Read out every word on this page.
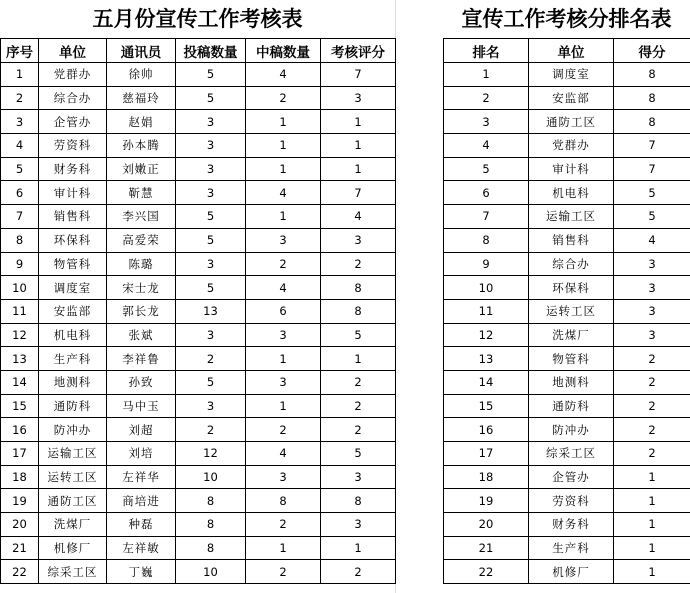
五月份宣传工作考核表	宣传工作考核分排名表
序号	单位	通讯员	投稿数量	中稿数量	考核评分
1	党群办	徐帅	5	4	7
2	综合办	慈福玲	5	2	3
3	企管办	赵娟	3	1	1
4	劳资科	孙本腾	3	1	1
5	财务科	刘嫩正	3	1	1
6	审计科	靳慧	3	4	7
7	销售科	李兴国	5	1	4
8	环保科	高爱荣	5	3	3
9	物管科	陈璐	3	2	2
10	调度室	宋士龙	5	4	8
11	安监部	郭长龙	13	6	8
12	机电科	张斌	3	3	5
13	生产科	李祥鲁	2	1	1
14	地测科	孙致	5	3	2
15	通防科	马中玉	3	1	2
16	防冲办	刘超	2	2	2
17	运输工区	刘培	12	4	5
18	运转工区	左祥华	10	3	3
19	通防工区	商培进	8	8	8
20	洗煤厂	种磊	8	2	3
21	机修厂	左祥敏	8	1	1
22	综采工区	丁巍	10	2	2
排名	单位	得分
1	调度室	8
2	安监部	8
3	通防工区	8
4	党群办	7
5	审计科	7
6	机电科	5
7	运输工区	5
8	销售科	4
9	综合办	3
10	环保科	3
11	运转工区	3
12	洗煤厂	3
13	物管科	2
14	地测科	2
15	通防科	2
16	防冲办	2
17	综采工区	2
18	企管办	1
19	劳资科	1
20	财务科	1
21	生产科	1
22	机修厂	1
